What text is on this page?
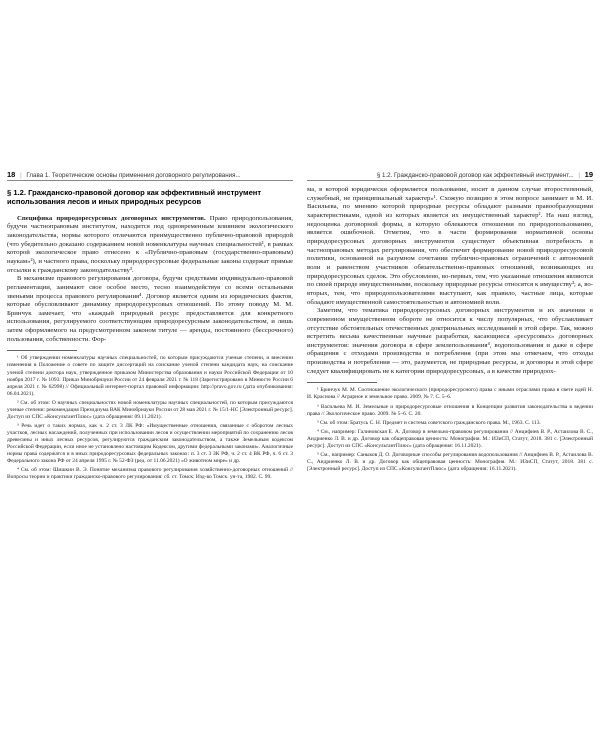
18 | Глава 1. Теоретические основы применения договорного регулирования...	§ 1.2. Гражданско-правовой договор как эффективный инструмент... | 19
§ 1.2. Гражданско-правовой договор как эффективный инструмент использования лесов и иных природных ресурсов

Специфика природоресурсовых договорных инструментов. Право природопользования, будучи частноправовым институтом, находится под одновременным влиянием экологического законодательства, нормы которого отличаются преимущественно публично-правовой природой (что убедительно доказано содержанием новой номенклатуры научных специальностей¹, в рамках которой экологическое право отнесено к «Публично-правовым (государственно-правовым) наукам»²), и частного права, поскольку природоресурсовые федеральные законы содержат прямые отсылки к гражданскому законодательству³.

В механизме правового регулирования договора, будучи средствами индивидуально-правовой регламентации, занимают свое особое место, тесно взаимодействуя со всеми остальными звеньями процесса правового регулирования⁴. Договор является одним из юридических фактов, которые обусловливают динамику природоресурсовых отношений. По этому поводу М. М. Бринчук замечает, что «каждый природный ресурс предоставляется для конкретного использования, регулируемого соответствующим природоресурсным законодательством, и лишь затем оформляемого на предусмотренном законом титуле — аренды, постоянного (бессрочного) пользования, собственности. Фор-

¹ Об утверждении номенклатуры научных специальностей, по которым присуждаются ученые степени, и внесении изменения в Положение о совете по защите диссертаций на соискание ученой степени кандидата наук, на соискание ученой степени доктора наук, утвержденное приказом Министерства образования и науки Российской Федерации от 10 ноября 2017 г. № 1093: Приказ Минобрнауки России от 24 февраля 2021 г. № 118 (Зарегистрировано в Минюсте России 6 апреля 2021 г. № 62998) // Официальный интернет-портал правовой информации: http://pravo.gov.ru (дата опубликования: 06.04.2021).

² См. об этом: О научных специальностях новой номенклатуры научных специальностей, по которым присуждаются ученые степени: рекомендация Президиума ВАК Минобрнауки России от 28 мая 2021 г. № 15/1-НС [Электронный ресурс]. Доступ из СПС «КонсультантПлюс» (дата обращения: 09.11.2021).

³ Речь идет о таких нормах, как ч. 2 ст. 3 ЛК РФ: «Имущественные отношения, связанные с оборотом лесных участков, лесных насаждений, полученных при использовании лесов и осуществлении мероприятий по сохранению лесов древесины и иных лесных ресурсов, регулируются гражданским законодательством, а также Земельным кодексом Российской Федерации, если иное не установлено настоящим Кодексом, другими федеральными законами». Аналогичные нормы права содержатся и в иных природоресурсовых федеральных законах: п. 3 ст. 3 ЗК РФ, ч. 2 ст. 4 ВК РФ, ч. 6 ст. 3 Федерального закона РФ от 24 апреля 1995 г. № 52-ФЗ (ред. от 11.06.2021) «О животном мире» и др.

⁴ См. об этом: Шишкин В. Э. Понятие механизма правового регулирования хозяйственно-договорных отношений // Вопросы теории и практики гражданско-правового регулирования: сб. ст. Томск: Изд-во Томск. ун-та, 1982. С. 99.

ма, в которой юридически оформляется пользование, носит в данном случае второстепенный, служебный, не принципиальный характер»¹. Схожую позицию в этом вопросе занимает и М. И. Васильева, по мнению которой природные ресурсы обладают разными правообразующими характеристиками, одной из которых является их имущественный характер². На наш взгляд, недооценка договорной формы, в которую облекаются отношения по природопользованию, является ошибочной. Отметим, что в части формирования нормативной основы природоресурсовых договорных инструментов существует объективная потребность в частноправовых методах регулирования, что обеспечит формирование новой природоресурсовой политики, основанной на разумном сочетании публично-правовых ограничений с автономией воли и равенством участников обязательственно-правовых отношений, возникающих из природоресурсовых сделок. Это обусловлено, во-первых, тем, что указанные отношения являются по своей природе имущественными, поскольку природные ресурсы относятся к имуществу³; а, во-вторых, тем, что природопользователями выступают, как правило, частные лица, которые обладают имущественной самостоятельностью и автономией воли.

Заметим, что тематика природоресурсовых договорных инструментов и их значения в современном имущественном обороте не относится к числу популярных, что обуславливает отсутствие обстоятельных отечественных доктринальных исследований в этой сфере. Так, можно встретить весьма качественные научные разработки, касающиеся «ресурсовых» договорных инструментов: значения договора в сфере землепользования⁴, водопользования и даже в сфере обращения с отходами производства и потребления (при этом мы отмечаем, что отходы производства и потребления — это, разумеется, не природные ресурсы, и договоры в этой сфере следует квалифицировать не к категории природоресурсовых, а в качестве природоох-

¹ Бринчук М. М. Соотношение экологического (природоресурсного) права с иными отраслями права в свете идей Н. И. Краснова // Аграрное и земельное право. 2009. № 7. С. 5–6.

² Васильева М. И. Земельные и природоресурсовые отношения в Концепции развития законодательства в ведении права // Экологическое право. 2009. № 5–6. С. 20.

³ См. об этом: Братусь С. Н. Предмет и система советского гражданского права. М., 1963. С. 113.

⁴ См., например: Галиновская Е. А. Договор в земельно-правовом регулировании // Анцифиев В. Р., Астаилова В. С., Андриенко Л. В. и др. Договор как общеправовая ценность: Монография. М.: ИЗиСП, Статут, 2018. 381 с. [Электронный ресурс]. Доступ из СПС «КонсультантПлюс» (дата обращения: 16.11.2021).

⁵ См., например: Саныков Д. О. Договорные способы регулирования водопользования // Анцифиев В. Р., Астаилова В. С., Андриенко Л. В. и др. Договор как общеправовая ценность: Монография. М.: ИЗиСП, Статут, 2018. 381 с. [Электронный ресурс]. Доступ из СПС «КонсультантПлюс» (дата обращения: 16.11.2021).
